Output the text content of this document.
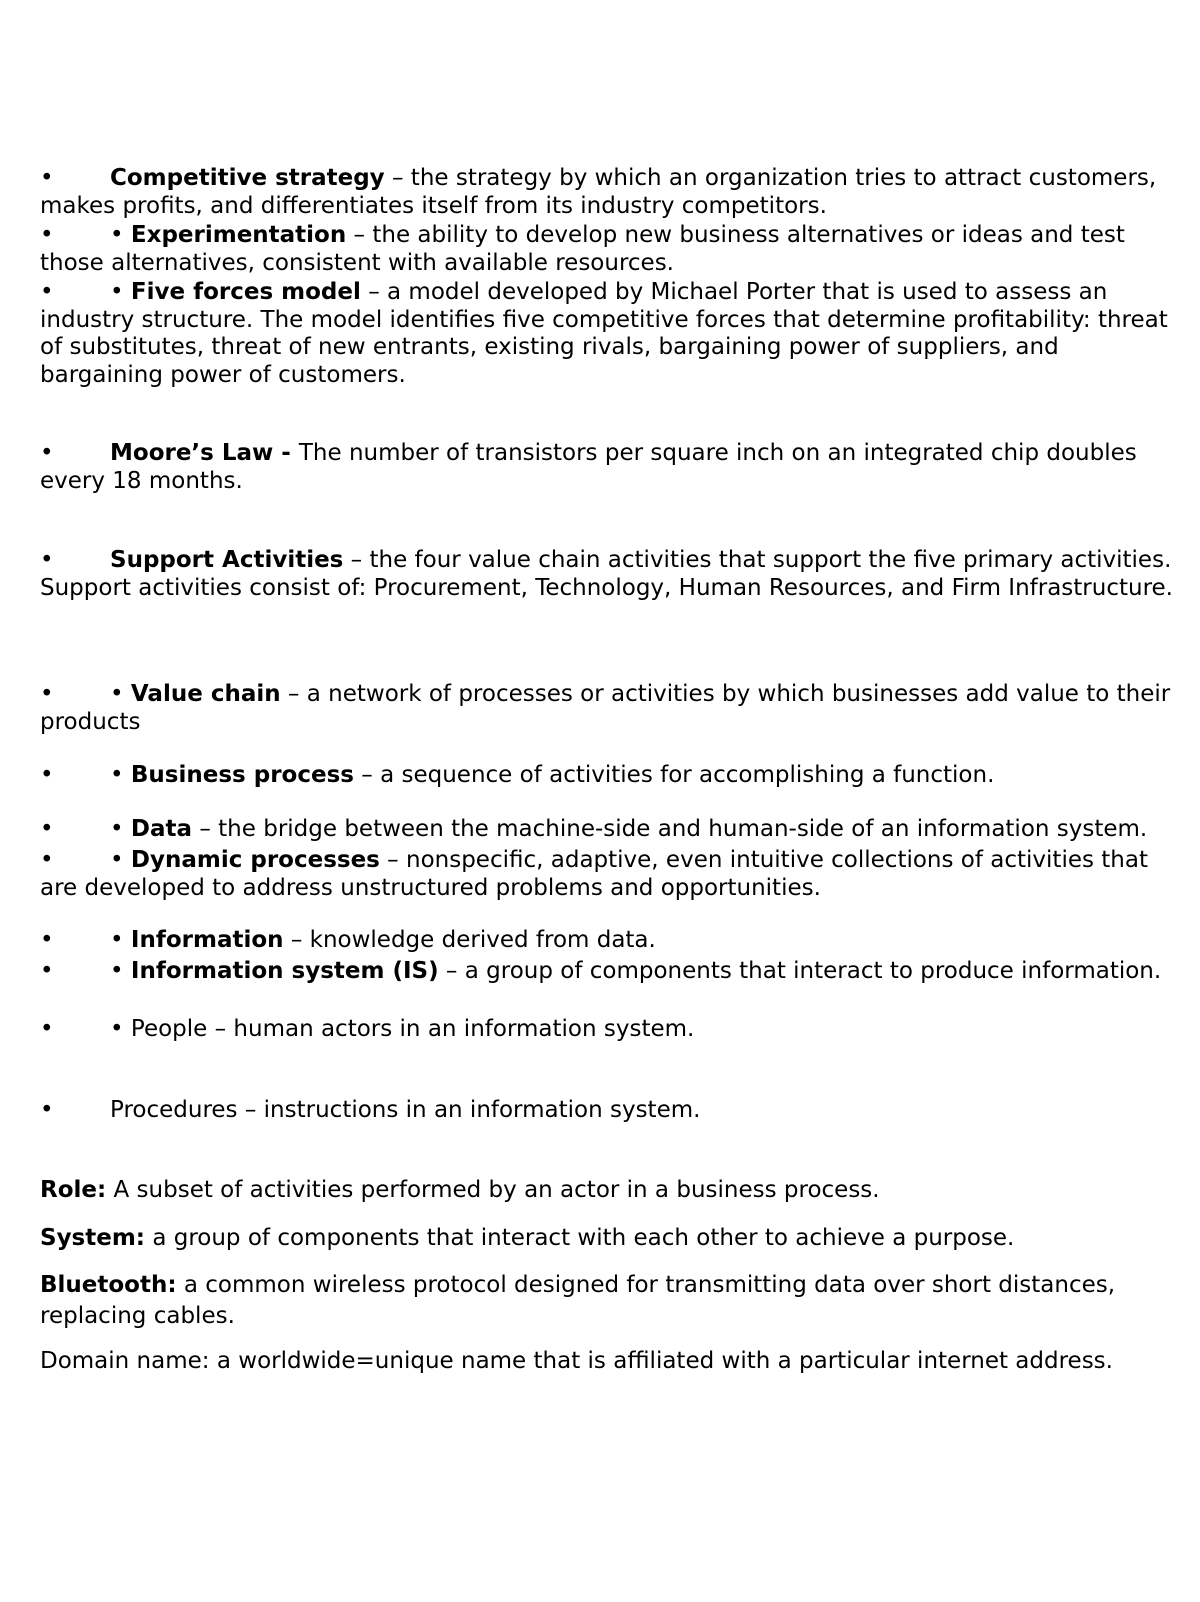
• Competitive strategy – the strategy by which an organization tries to attract customers, makes profits, and differentiates itself from its industry competitors.
• • Experimentation – the ability to develop new business alternatives or ideas and test those alternatives, consistent with available resources.
• • Five forces model – a model developed by Michael Porter that is used to assess an industry structure. The model identifies five competitive forces that determine profitability: threat of substitutes, threat of new entrants, existing rivals, bargaining power of suppliers, and bargaining power of customers.
• Moore’s Law - The number of transistors per square inch on an integrated chip doubles every 18 months.
• Support Activities – the four value chain activities that support the five primary activities. Support activities consist of: Procurement, Technology, Human Resources, and Firm Infrastructure.
• • Value chain – a network of processes or activities by which businesses add value to their products
• • Business process – a sequence of activities for accomplishing a function.
• • Data – the bridge between the machine-side and human-side of an information system.
• • Dynamic processes – nonspecific, adaptive, even intuitive collections of activities that are developed to address unstructured problems and opportunities.
• • Information – knowledge derived from data.
• • Information system (IS) – a group of components that interact to produce information.
• • People – human actors in an information system.
• Procedures – instructions in an information system.
Role: A subset of activities performed by an actor in a business process.
System: a group of components that interact with each other to achieve a purpose.
Bluetooth: a common wireless protocol designed for transmitting data over short distances, replacing cables.
Domain name: a worldwide=unique name that is affiliated with a particular internet address.
